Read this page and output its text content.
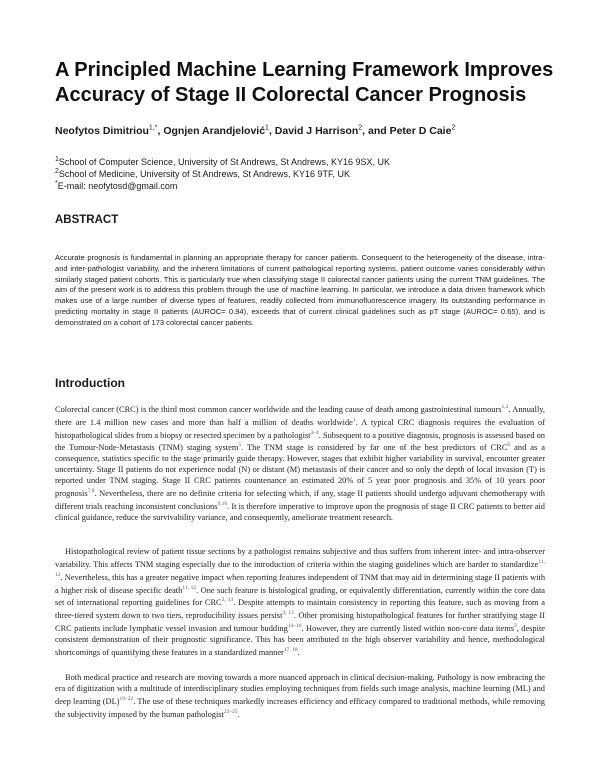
A Principled Machine Learning Framework Improves Accuracy of Stage II Colorectal Cancer Prognosis
Neofytos Dimitriou$^{1,*}$, Ognjen Arandjelović$^1$, David J Harrison$^2$, and Peter D Caie$^2$
$^1$School of Computer Science, University of St Andrews, St Andrews, KY16 9SX, UK
$^2$School of Medicine, University of St Andrews, St Andrews, KY16 9TF, UK
*E-mail: neofytosd@gmail.com
ABSTRACT
Accurate prognosis is fundamental in planning an appropriate therapy for cancer patients. Consequent to the heterogeneity of the disease, intra- and inter-pathologist variability, and the inherent limitations of current pathological reporting systems, patient outcome varies considerably within similarly staged patient cohorts. This is particularly true when classifying stage II colorectal cancer patients using the current TNM guidelines. The aim of the present work is to address this problem through the use of machine learning. In particular, we introduce a data driven framework which makes use of a large number of diverse types of features, readily collected from immunofluorescence imagery. Its outstanding performance in predicting mortality in stage II patients (AUROC= 0.94), exceeds that of current clinical guidelines such as pT stage (AUROC= 0.65), and is demonstrated on a cohort of 173 colorectal cancer patients.
Introduction
Colorectal cancer (CRC) is the third most common cancer worldwide and the leading cause of death among gastrointestinal tumours$^{1,2}$. Annually, there are 1.4 million new cases and more than half a million of deaths worldwide$^1$. A typical CRC diagnosis requires the evaluation of histopathological slides from a biopsy or resected specimen by a pathologist$^{3-4}$. Subsequent to a positive diagnosis, prognosis is assessed based on the Tumour-Node-Metastasis (TNM) staging system$^5$. The TNM stage is considered by far one of the best predictors of CRC$^6$ and as a consequence, statistics specific to the stage primarily guide therapy. However, stages that exhibit higher variability in survival, encounter greater uncertainty. Stage II patients do not experience nodal (N) or distant (M) metastasis of their cancer and so only the depth of local invasion (T) is reported under TNM staging. Stage II CRC patients countenance an estimated 20% of 5 year poor prognosis and 35% of 10 years poor prognosis$^{7,8}$. Nevertheless, there are no definite criteria for selecting which, if any, stage II patients should undergo adjuvant chemotherapy with different trials reaching inconsistent conclusions$^{9,10}$. It is therefore imperative to improve upon the prognosis of stage II CRC patients to better aid clinical guidance, reduce the survivability variance, and consequently, ameliorate treatment research.
Histopathological review of patient tissue sections by a pathologist remains subjective and thus suffers from inherent inter- and intra-observer variability. This affects TNM staging especially due to the introduction of criteria within the staging guidelines which are harder to standardize$^{11, 12}$. Nevertheless, this has a greater negative impact when reporting features independent of TNM that may aid in determining stage II patients with a higher risk of disease specific death$^{11, 12}$. One such feature is histological grading, or equivalently differentiation, currently within the core data set of international reporting guidelines for CRC$^{3, 13}$. Despite attempts to maintain consistency in reporting this feature, such as moving from a three-tiered system down to two tiers, reproducibility issues persist$^{3, 13}$. Other promising histopathological features for further stratifying stage II CRC patients include lymphatic vessel invasion and tumour budding$^{14-16}$. However, they are currently listed within non-core data items$^3$, despite consistent demonstration of their prognostic significance. This has been attributed to the high observer variability and hence, methodological shortcomings of quantifying these features in a standardized manner$^{17, 18}$.
Both medical practice and research are moving towards a more nuanced approach in clinical decision-making. Pathology is now embracing the era of digitization with a multitude of interdisciplinary studies employing techniques from fields such image analysis, machine learning (ML) and deep learning (DL)$^{19-22}$. The use of these techniques markedly increases efficiency and efficacy compared to traditional methods, while removing the subjectivity imposed by the human pathologist$^{23-25}$.
